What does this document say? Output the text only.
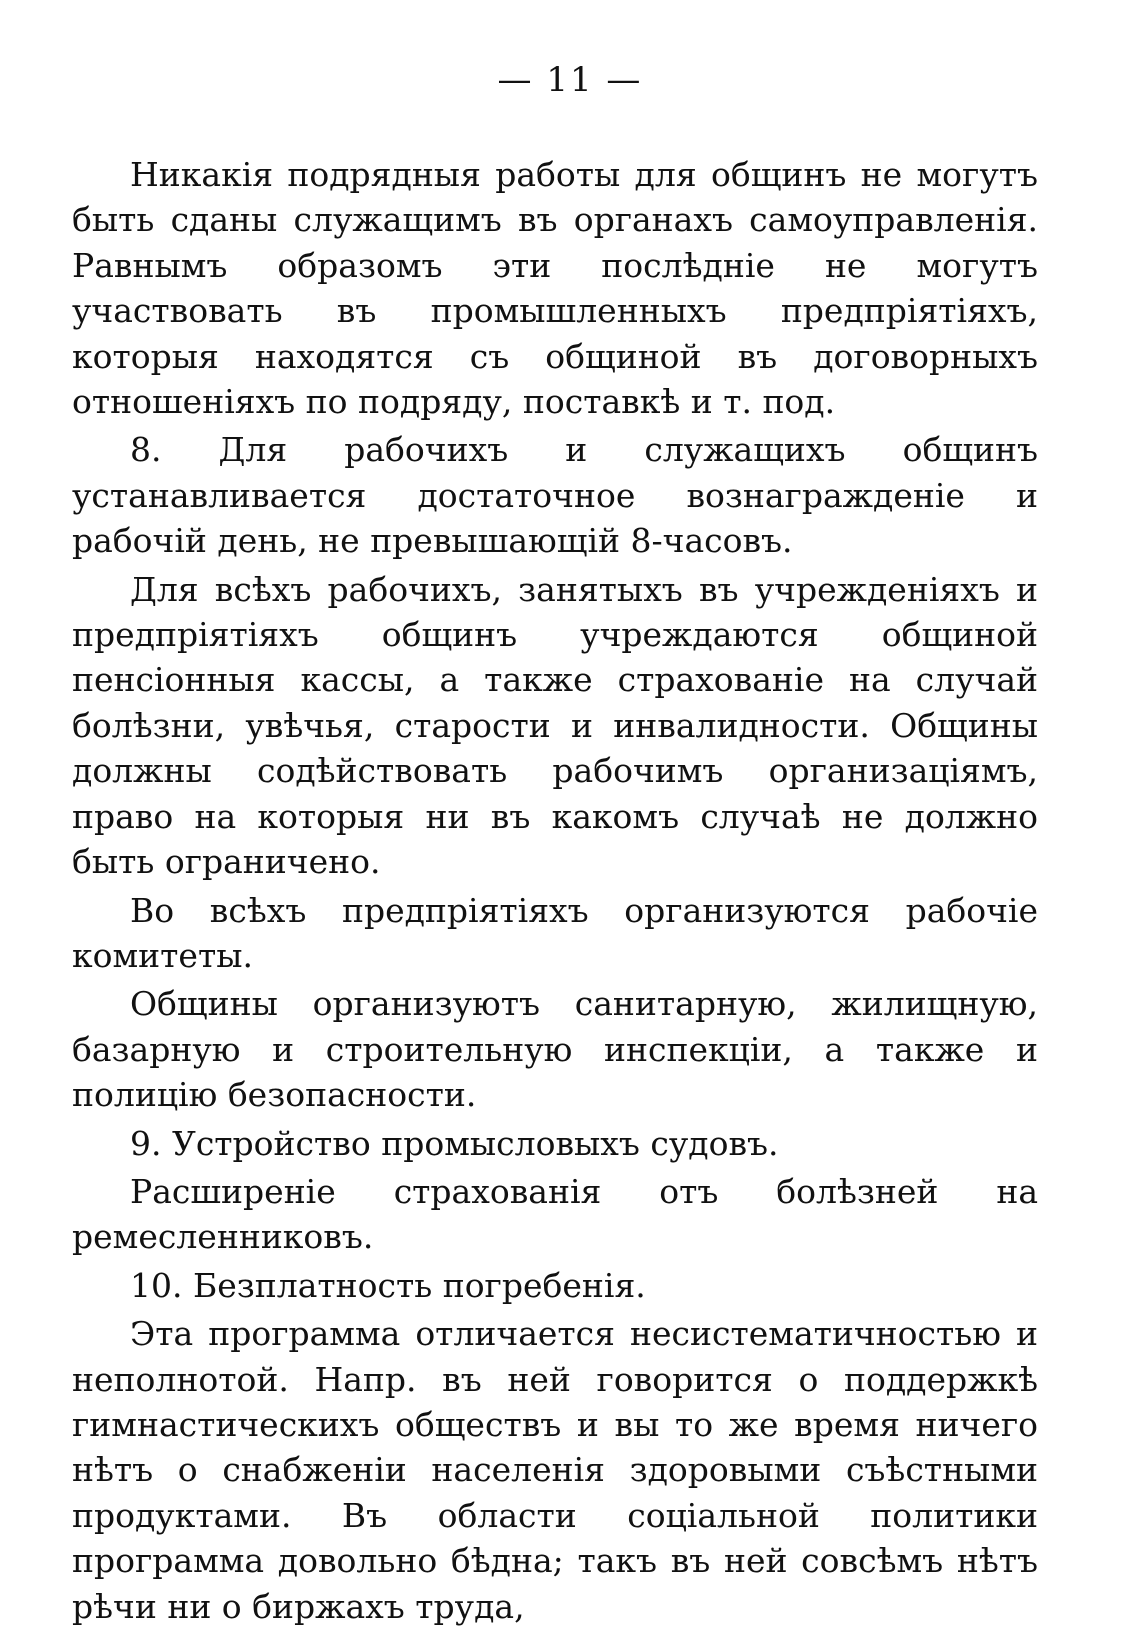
— 11 —

Никакія подрядныя работы для общинъ не могутъ быть сданы служащимъ въ органахъ самоуправленія. Равнымъ образомъ эти послѣдніе не могутъ участвовать въ промышленныхъ предпріятіяхъ, которыя находятся съ общиной въ договорныхъ отношеніяхъ по подряду, поставкѣ и т. под.

8. Для рабочихъ и служащихъ общинъ устанавливается достаточное вознагражденіе и рабочій день, не превышающій 8-часовъ.

Для всѣхъ рабочихъ, занятыхъ въ учрежденіяхъ и предпріятіяхъ общинъ учреждаются общиной пенсіонныя кассы, а также страхованіе на случай болѣзни, увѣчья, старости и инвалидности. Общины должны содѣйствовать рабочимъ организаціямъ, право на которыя ни въ какомъ случаѣ не должно быть ограничено.

Во всѣхъ предпріятіяхъ организуются рабочіе комитеты.

Общины организуютъ санитарную, жилищную, базарную и строительную инспекціи, а также и полицію безопасности.

9. Устройство промысловыхъ судовъ.

Расширеніе страхованія отъ болѣзней на ремесленниковъ.

10. Безплатность погребенія.

Эта программа отличается несистематичностью и неполнотой. Напр. въ ней говорится о поддержкѣ гимнастическихъ обществъ и вы то же время ничего нѣтъ о снабженіи населенія здоровыми съѣстными продуктами. Въ области соціальной политики программа довольно бѣдна; такъ въ ней совсѣмъ нѣтъ рѣчи ни о биржахъ труда,
